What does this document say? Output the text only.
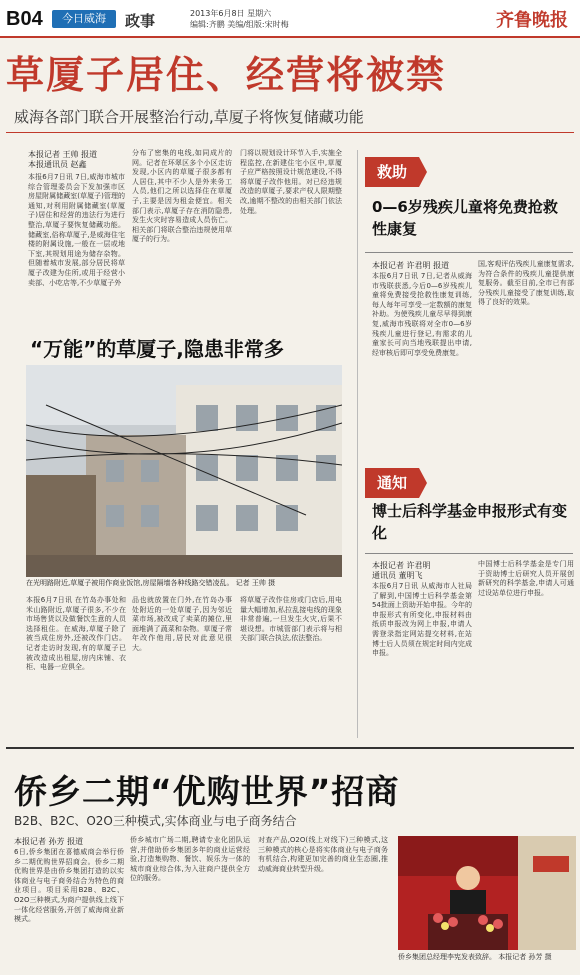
B04	今日威海	政事	2013年6月8日 星期六
编辑:齐鹏 美编/组版:宋时梅	齐鲁晚报
草厦子居住、经营将被禁
威海各部门联合开展整治行动,草厦子将恢复储藏功能
本报记者 王帅 报道
本报通讯员 赵鑫
本报6月7日讯 7日,威海市城市综合管理委员会下发加强市区房屋附属储藏室(草厦子)管理的通知,对利用附属储藏室(草厦子)居住和经营的违法行为进行整治,草厦子要恢复储藏功能。储藏室,俗称草厦子,是威海住宅楼的附属设施,一般在一层或地下室,其规划用途为储存杂物。但随着城市发展,部分居民将草厦子改建为住所,或用于经营小卖部、小吃店等,不少草厦子外
分布了密集的电线,如同成片的网。记者在环翠区多个小区走访发现,小区内的草厦子很多都有人居住,其中不少人是外来务工人员,他们之所以选择住在草厦子,主要是因为租金便宜。相关部门表示,草厦子存在消防隐患,发生火灾时容易造成人员伤亡。相关部门将联合整治违规使用草厦子的行为。
门将以规划设计环节入手,实施全程监控,在新建住宅小区中,草厦子应严格按照设计规范建设,不得将草厦子改作他用。对已经违规改造的草厦子,要求产权人限期整改,逾期不整改的由相关部门依法处理。
救助
0—6岁残疾儿童将免费抢救性康复
本报记者 许君明 报道
本报6月7日讯 7日,记者从威海市残联获悉,今后0—6岁残疾儿童将免费接受抢救性康复训练,每人每年可享受一定数额的康复补助。为使残疾儿童尽早得到康复,威海市残联将对全市0—6岁残疾儿童进行登记,有需求的儿童家长可向当地残联提出申请,经审核后即可享受免费康复。
国,客观评估残疾儿童康复需求,为符合条件的残疾儿童提供康复服务。截至目前,全市已有部分残疾儿童接受了康复训练,取得了良好的效果。
通知
博士后科学基金申报形式有变化
本报记者 许君明
通讯员 董明飞
本报6月7日讯 从威海市人社局了解到,中国博士后科学基金第54批面上资助开始申报。今年的申报形式有所变化,申报材料由纸质申报改为网上申报,申请人需登录指定网站提交材料,在站博士后人员须在规定时间内完成申报。
中国博士后科学基金是专门用于资助博士后研究人员开展创新研究的科学基金,申请人可通过设站单位进行申报。
“万能”的草厦子,隐患非常多
在光明路附近,草厦子被用作商业饭馆,房屋隔墙各种线路交错凌乱。 记者 王帅 摄
本报6月7日讯 在竹岛办事处和米山路附近,草厦子很多,不少在市场售货以及做餐饮生意的人员选择租住。在威海,草厦子除了被当成住房外,还被改作门店。记者走访时发现,有的草厦子已被改造成出租屋,房内床铺、衣柜、电器一应俱全。
品也就放置在门外,在竹岛办事处附近的一处草厦子,因为邻近菜市场,被改成了卖菜的摊位,里面堆满了蔬菜和杂物。草厦子常年改作他用,居民对此意见很大。
将草厦子改作住房或门店后,用电量大幅增加,私拉乱接电线的现象非常普遍,一旦发生火灾,后果不堪设想。市城管部门表示将与相关部门联合执法,依法整治。
侨乡二期“优购世界”招商
B2B、B2C、O2O三种模式,实体商业与电子商务结合
本报记者 孙芳 报道
6日,侨乡集团在喜德威商会举行侨乡二期优购世界招商会。侨乡二期优购世界是由侨乡集团打造的以实体商业与电子商务结合为特色的商业项目。项目采用B2B、B2C、O2O三种模式,为商户提供线上线下一体化经营服务,开创了威海商业新模式。
侨乡城市广场二期,聘请专业化团队运营,并借助侨乡集团多年的商业运营经验,打造集购物、餐饮、娱乐为一体的城市商业综合体,为入驻商户提供全方位的服务。
对查产品,O2O(线上对线下)三种模式,这三种模式的核心是将实体商业与电子商务有机结合,构建更加完善的商业生态圈,推动威海商业转型升级。
侨乡集团总经理李宪发表致辞。 本报记者 孙芳 摄
